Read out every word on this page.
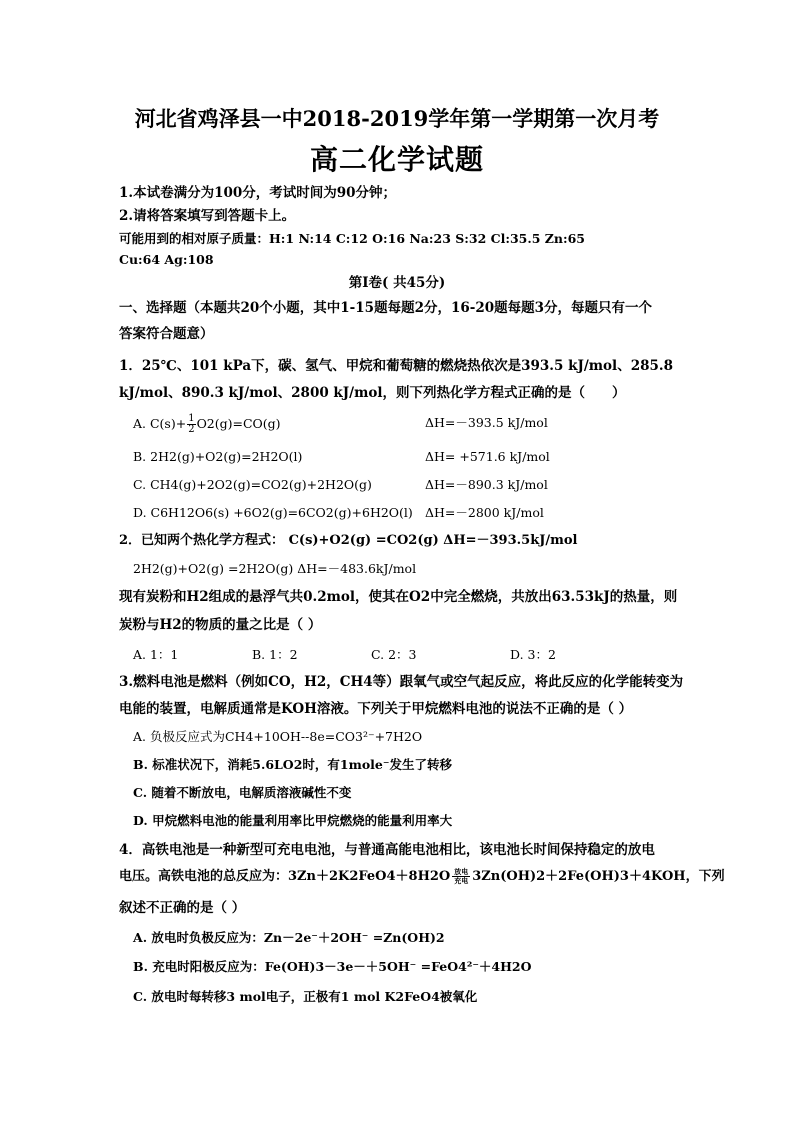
河北省鸡泽县一中2018-2019学年第一学期第一次月考
高二化学试题
1.本试卷满分为100分，考试时间为90分钟；
2.请将答案填写到答题卡上。
可能用到的相对原子质量：H:1 N:14 C:12 O:16 Na:23 S:32 Cl:35.5 Zn:65
Cu:64 Ag:108
第Ⅰ卷( 共45分)
一、选择题（本题共20个小题，其中1-15题每题2分，16-20题每题3分，每题只有一个
答案符合题意）
1．25℃、101 kPa下，碳、氢气、甲烷和葡萄糖的燃烧热依次是393.5 kJ/mol、285.8
kJ/mol、890.3 kJ/mol、2800 kJ/mol，则下列热化学方程式正确的是（　　）
A. $C(s)+ \frac{1}{2} O2(g)=CO(g)$	ΔH=－393.5 kJ/mol
B. 2H2(g)+O2(g)=2H2O(l)	ΔH= +571.6 kJ/mol
C. CH4(g)+2O2(g)=CO2(g)+2H2O(g)	ΔH=－890.3 kJ/mol
D. C6H12O6(s) +6O2(g)=6CO2(g)+6H2O(l) ΔH=－2800 kJ/mol
2．已知两个热化学方程式： C(s)+O2(g) =CO2(g) ΔH=－393.5kJ/mol
2H2(g)+O2(g) =2H2O(g) ΔH=－483.6kJ/mol
现有炭粉和H2组成的悬浮气共0.2mol，使其在O2中完全燃烧，共放出63.53kJ的热量，则
炭粉与H2的物质的量之比是（ ）
A. 1：1	B. 1：2	C. 2：3	D. 3：2
3.燃料电池是燃料（例如CO，H2，CH4等）跟氧气或空气起反应，将此反应的化学能转变为
电能的装置，电解质通常是KOH溶液。下列关于甲烷燃料电池的说法不正确的是（ ）
A. 负极反应式为CH4+10OH--8e=CO3²⁻+7H2O
B. 标准状况下，消耗5.6LO2时，有1mole⁻发生了转移
C. 随着不断放电，电解质溶液碱性不变
D. 甲烷燃料电池的能量利用率比甲烷燃烧的能量利用率大
4．高铁电池是一种新型可充电电池，与普通高能电池相比，该电池长时间保持稳定的放电
电压。高铁电池的总反应为：3Zn＋2K2FeO4＋8H2O 放电
充电 3Zn(OH)2＋2Fe(OH)3＋4KOH，下列
叙述不正确的是（ ）
A. 放电时负极反应为：Zn－2e⁻＋2OH⁻ =Zn(OH)2
B. 充电时阳极反应为：Fe(OH)3－3e－＋5OH⁻ =FeO4²⁻＋4H2O
C. 放电时每转移3 mol电子，正极有1 mol K2FeO4被氧化
